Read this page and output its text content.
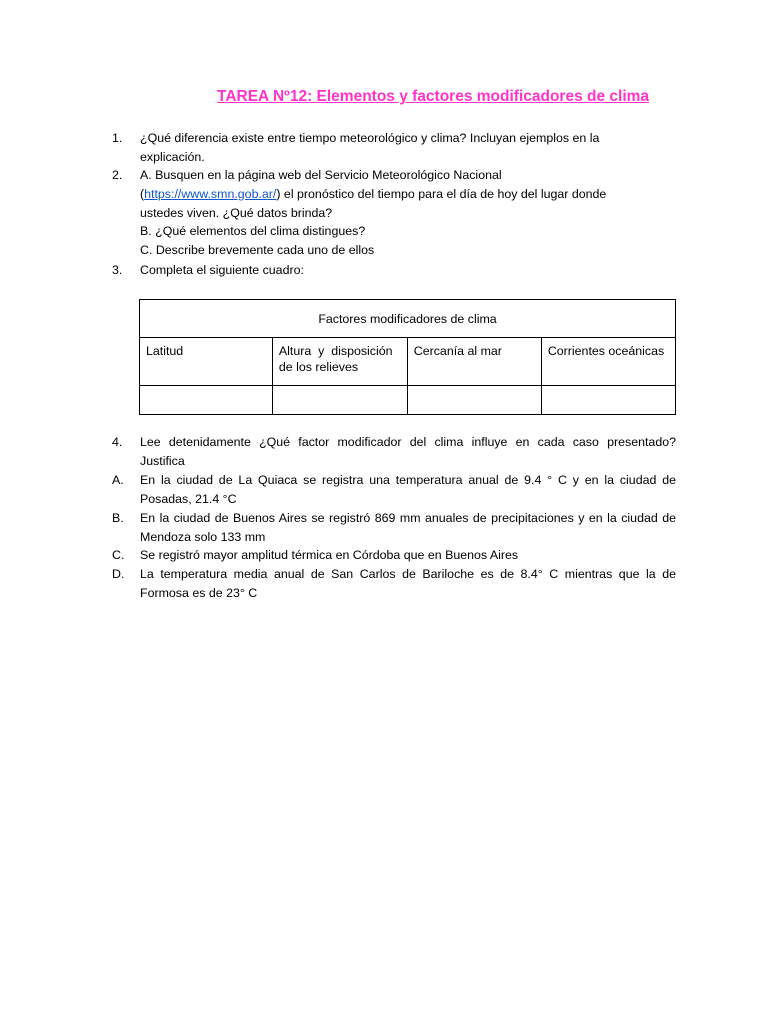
TAREA Nº12: Elementos y factores modificadores de clima
1.	¿Qué diferencia existe entre tiempo meteorológico y clima? Incluyan ejemplos en la
explicación.
2.	A. Busquen en la página web del Servicio Meteorológico Nacional
(https://www.smn.gob.ar/) el pronóstico del tiempo para el día de hoy del lugar donde
ustedes viven. ¿Qué datos brinda?
B. ¿Qué elementos del clima distingues?
C. Describe brevemente cada uno de ellos
3.	Completa el siguiente cuadro:
Factores modificadores de clima			
Latitud	Altura  y  disposición
de los relieves	Cercanía al mar	Corrientes oceánicas

4.	Lee detenidamente ¿Qué factor modificador del clima influye en cada caso presentado?
Justifica
A.	En la ciudad de La Quiaca se registra una temperatura anual de 9.4 ° C y en la ciudad de
Posadas, 21.4 °C
B.	En la ciudad de Buenos Aires se registró 869 mm anuales de precipitaciones y en la ciudad de
Mendoza solo 133 mm
C.	Se registró mayor amplitud térmica en Córdoba que en Buenos Aires
D.	La temperatura media anual de San Carlos de Bariloche es de 8.4° C mientras que la de
Formosa es de 23° C
